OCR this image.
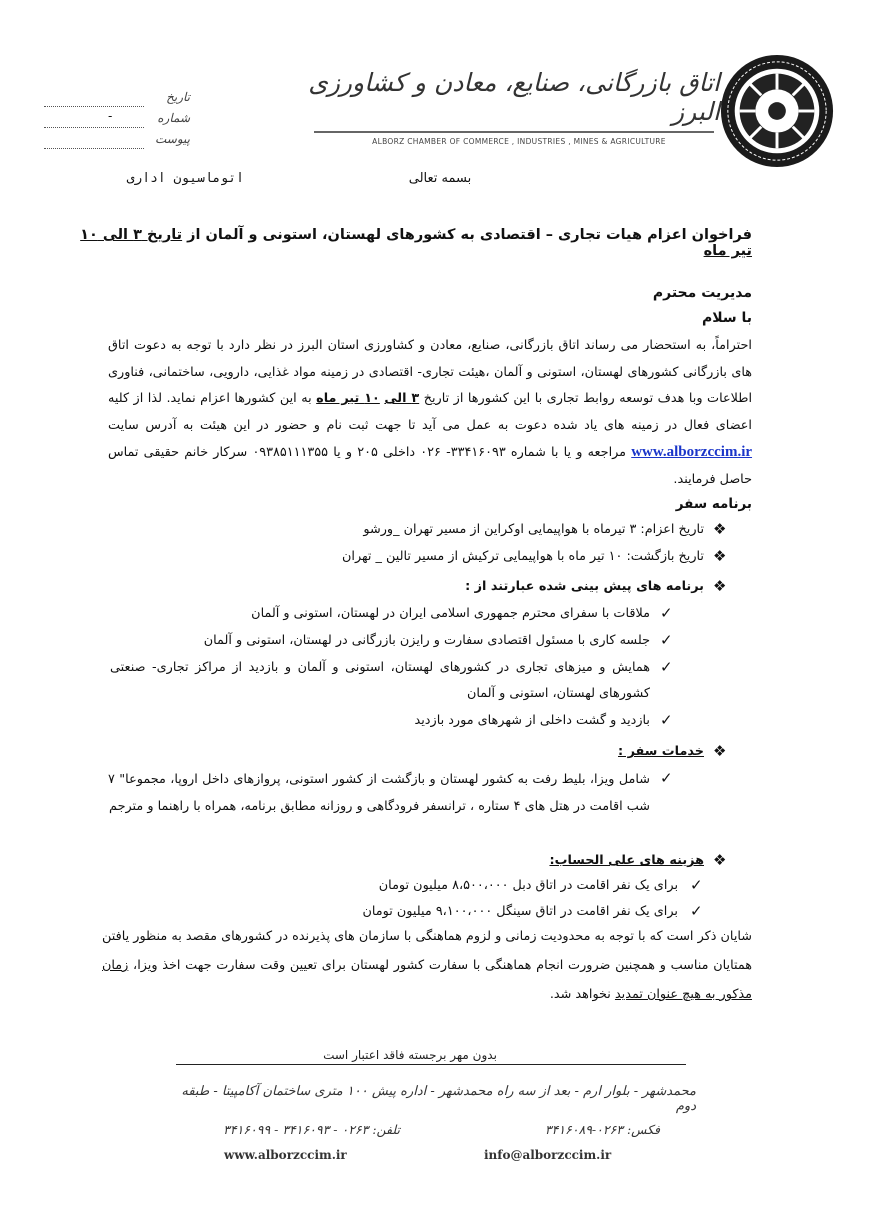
اتاق بازرگانی، صنایع، معادن و کشاورزی البرز
ALBORZ CHAMBER OF COMMERCE , INDUSTRIES , MINES & AGRICULTURE
تاریخ
-	شماره
پیوست
بسمه تعالی
اتوماسیون اداری
فراخوان اعزام هیات تجاری – اقتصادی به کشورهای لهستان، استونی و آلمان از تاریخ ۳ الی ۱۰ تیر ماه
مدیریت محترم
با سلام
احتراماً، به استحضار می رساند اتاق بازرگانی، صنایع، معادن و کشاورزی استان البرز در نظر دارد با توجه به دعوت اتاق های بازرگانی کشورهای لهستان، استونی و آلمان ،هیئت تجاری- اقتصادی در زمینه مواد غذایی، دارویی، ساختمانی، فناوری اطلاعات وبا هدف توسعه روابط تجاری با این کشورها از تاریخ ۳ الی ۱۰ تیر ماه به این کشورها اعزام نماید. لذا از کلیه اعضای فعال در زمینه های یاد شده دعوت به عمل می آید تا جهت ثبت نام و حضور در این هیئت به آدرس سایت www.alborzccim.ir مراجعه و یا با شماره ۳۳۴۱۶۰۹۳- ۰۲۶ داخلی ۲۰۵ و یا ۰۹۳۸۵۱۱۱۳۵۵ سرکار خانم حقیقی تماس حاصل فرمایند.
برنامه سفر
❖
تاریخ اعزام: ۳ تیرماه با هواپیمایی اوکراین از مسیر تهران _ورشو
❖
تاریخ بازگشت: ۱۰ تیر ماه با هواپیمایی ترکیش از مسیر تالین _ تهران
❖
برنامه های پیش بینی شده عبارتند از :
✓
ملاقات با سفرای محترم جمهوری اسلامی ایران در لهستان، استونی و آلمان
✓
جلسه کاری با مسئول اقتصادی سفارت و رایزن بازرگانی در لهستان، استونی و آلمان
✓
همایش و میزهای تجاری در کشورهای لهستان، استونی و آلمان و بازدید از مراکز تجاری- صنعتی کشورهای لهستان، استونی و آلمان
✓
بازدید و گشت داخلی از شهرهای مورد بازدید
❖
خدمات سفر :
✓
شامل ویزا، بلیط رفت به کشور لهستان و بازگشت از کشور استونی، پروازهای داخل اروپا، مجموعا" ۷ شب اقامت در هتل های ۴ ستاره ، ترانسفر فرودگاهی و روزانه مطابق برنامه، همراه با راهنما و مترجم
❖
هزینه های علی الحساب:
✓
برای یک نفر اقامت در اتاق دبل ۸،۵۰۰،۰۰۰ میلیون تومان
✓
برای یک نفر اقامت در اتاق سینگل ۹،۱۰۰،۰۰۰ میلیون تومان
شایان ذکر است که با توجه به محدودیت زمانی و لزوم هماهنگی با سازمان های پذیرنده در کشورهای مقصد به منظور یافتن همتایان مناسب و همچنین ضرورت انجام هماهنگی با سفارت کشور لهستان برای تعیین وقت سفارت جهت اخذ ویزا، زمان مذکور به هیچ عنوان تمدید نخواهد شد.
بدون مهر برجسته فاقد اعتبار است
محمدشهر - بلوار ارم - بعد از سه راه محمدشهر - اداره پیش ۱۰۰ متری ساختمان آکامپیتا - طبقه دوم
تلفن: ۰۲۶۳ - ۳۴۱۶۰۹۳ - ۳۴۱۶۰۹۹	فکس: ۰۲۶۳-۳۴۱۶۰۸۹
www.alborzccim.ir	info@alborzccim.ir
